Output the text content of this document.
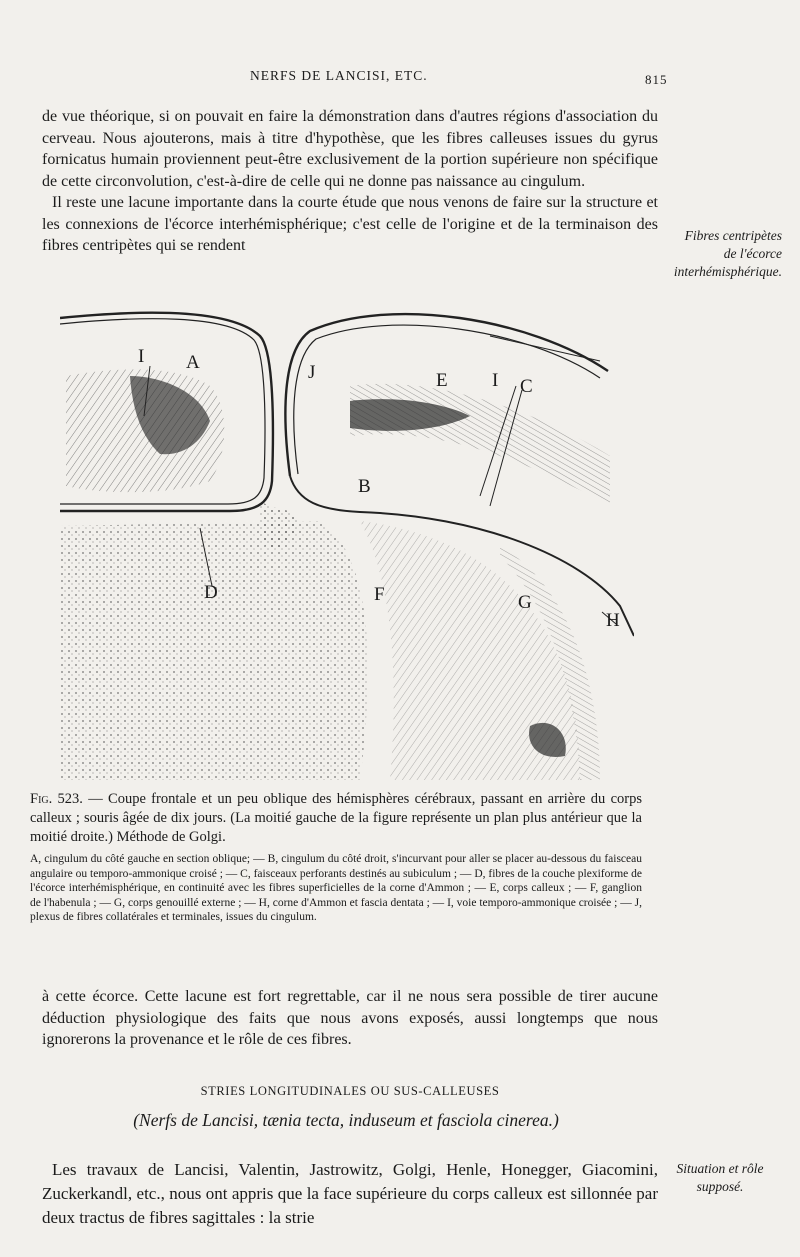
NERFS DE LANCISI, ETC.	815
de vue théorique, si on pouvait en faire la démonstration dans d'autres régions d'association du cerveau. Nous ajouterons, mais à titre d'hypothèse, que les fibres calleuses issues du gyrus fornicatus humain proviennent peut-être exclusivement de la portion supérieure non spécifique de cette circonvolution, c'est-à-dire de celle qui ne donne pas naissance au cingulum.
Il reste une lacune importante dans la courte étude que nous venons de faire sur la structure et les connexions de l'écorce interhémisphérique; c'est celle de l'origine et de la terminaison des fibres centripètes qui se rendent
Fibres centripètes de l'écorce interhémisphérique.
I A	J	E I C
B
D	F	G
H
Fig. 523. — Coupe frontale et un peu oblique des hémisphères cérébraux, passant en arrière du corps calleux ; souris âgée de dix jours. (La moitié gauche de la figure représente un plan plus antérieur que la moitié droite.) Méthode de Golgi.
A, cingulum du côté gauche en section oblique; — B, cingulum du côté droit, s'incurvant pour aller se placer au-dessous du faisceau angulaire ou temporo-ammonique croisé ; — C, faisceaux perforants destinés au subiculum ; — D, fibres de la couche plexiforme de l'écorce interhémisphérique, en continuité avec les fibres superficielles de la corne d'Ammon ; — E, corps calleux ; — F, ganglion de l'habenula ; — G, corps genouillé externe ; — H, corne d'Ammon et fascia dentata ; — I, voie temporo-ammonique croisée ; — J, plexus de fibres collatérales et terminales, issues du cingulum.
à cette écorce. Cette lacune est fort regrettable, car il ne nous sera possible de tirer aucune déduction physiologique des faits que nous avons exposés, aussi longtemps que nous ignorerons la provenance et le rôle de ces fibres.
STRIES LONGITUDINALES OU SUS-CALLEUSES
(Nerfs de Lancisi, tænia tecta, induseum et fasciola cinerea.)
Les travaux de Lancisi, Valentin, Jastrowitz, Golgi, Henle, Honegger, Giacomini, Zuckerkandl, etc., nous ont appris que la face supérieure du corps calleux est sillonnée par deux tractus de fibres sagittales : la strie
Situation et rôle supposé.
